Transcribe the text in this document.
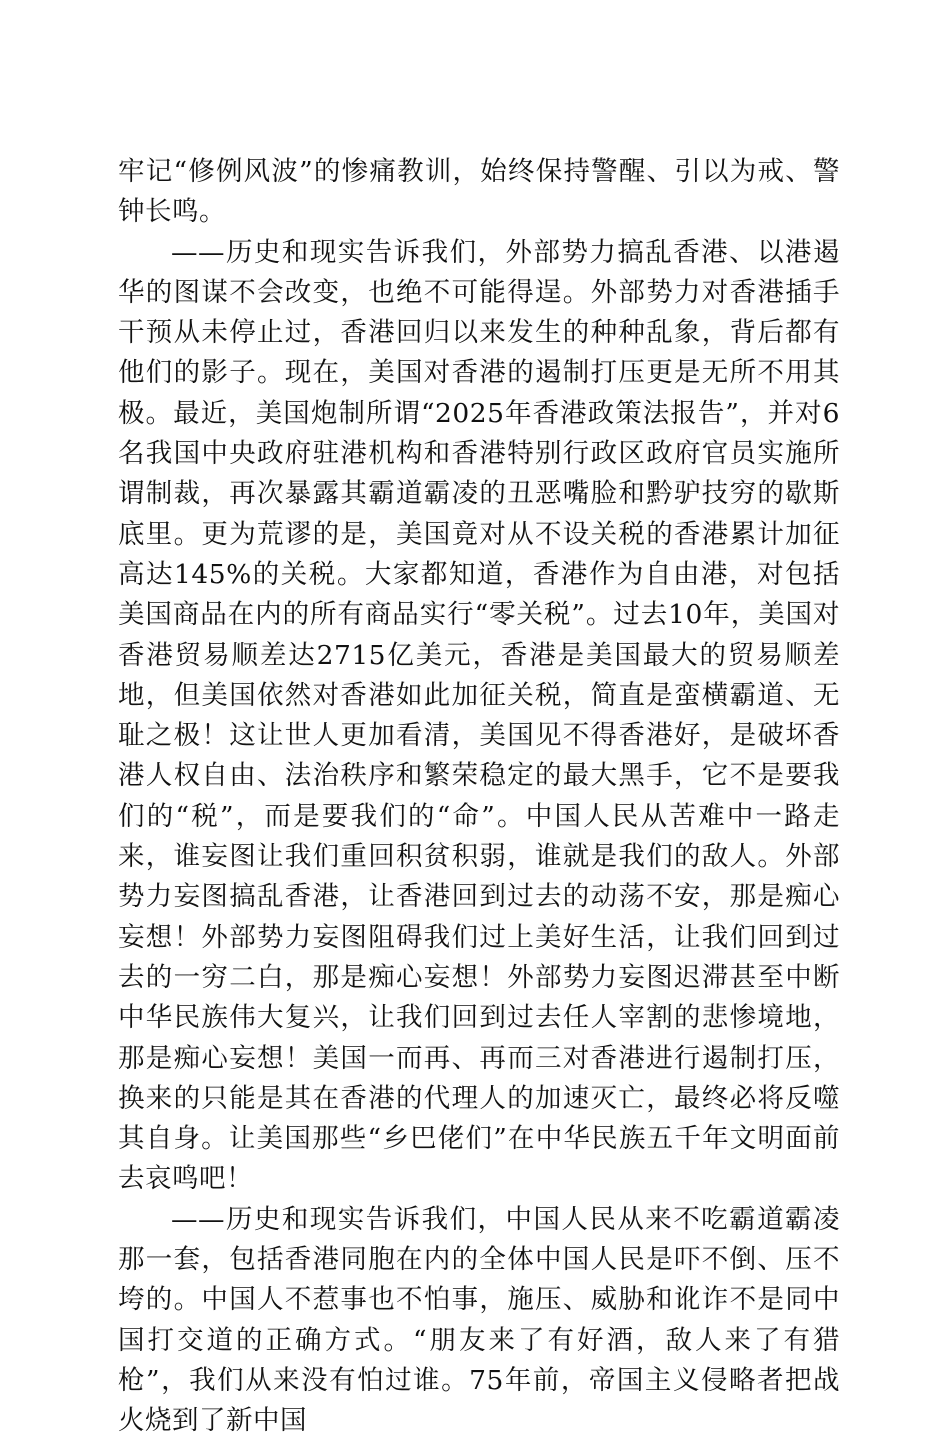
牢记“修例风波”的惨痛教训，始终保持警醒、引以为戒、警钟长鸣。

——历史和现实告诉我们，外部势力搞乱香港、以港遏华的图谋不会改变，也绝不可能得逞。外部势力对香港插手干预从未停止过，香港回归以来发生的种种乱象，背后都有他们的影子。现在，美国对香港的遏制打压更是无所不用其极。最近，美国炮制所谓“2025年香港政策法报告”，并对6名我国中央政府驻港机构和香港特别行政区政府官员实施所谓制裁，再次暴露其霸道霸凌的丑恶嘴脸和黔驴技穷的歇斯底里。更为荒谬的是，美国竟对从不设关税的香港累计加征高达145%的关税。大家都知道，香港作为自由港，对包括美国商品在内的所有商品实行“零关税”。过去10年，美国对香港贸易顺差达2715亿美元，香港是美国最大的贸易顺差地，但美国依然对香港如此加征关税，简直是蛮横霸道、无耻之极！这让世人更加看清，美国见不得香港好，是破坏香港人权自由、法治秩序和繁荣稳定的最大黑手，它不是要我们的“税”，而是要我们的“命”。中国人民从苦难中一路走来，谁妄图让我们重回积贫积弱，谁就是我们的敌人。外部势力妄图搞乱香港，让香港回到过去的动荡不安，那是痴心妄想！外部势力妄图阻碍我们过上美好生活，让我们回到过去的一穷二白，那是痴心妄想！外部势力妄图迟滞甚至中断中华民族伟大复兴，让我们回到过去任人宰割的悲惨境地，那是痴心妄想！美国一而再、再而三对香港进行遏制打压，换来的只能是其在香港的代理人的加速灭亡，最终必将反噬其自身。让美国那些“乡巴佬们”在中华民族五千年文明面前去哀鸣吧！

——历史和现实告诉我们，中国人民从来不吃霸道霸凌那一套，包括香港同胞在内的全体中国人民是吓不倒、压不垮的。中国人不惹事也不怕事，施压、威胁和讹诈不是同中国打交道的正确方式。“朋友来了有好酒，敌人来了有猎枪”，我们从来没有怕过谁。75年前，帝国主义侵略者把战火烧到了新中国
